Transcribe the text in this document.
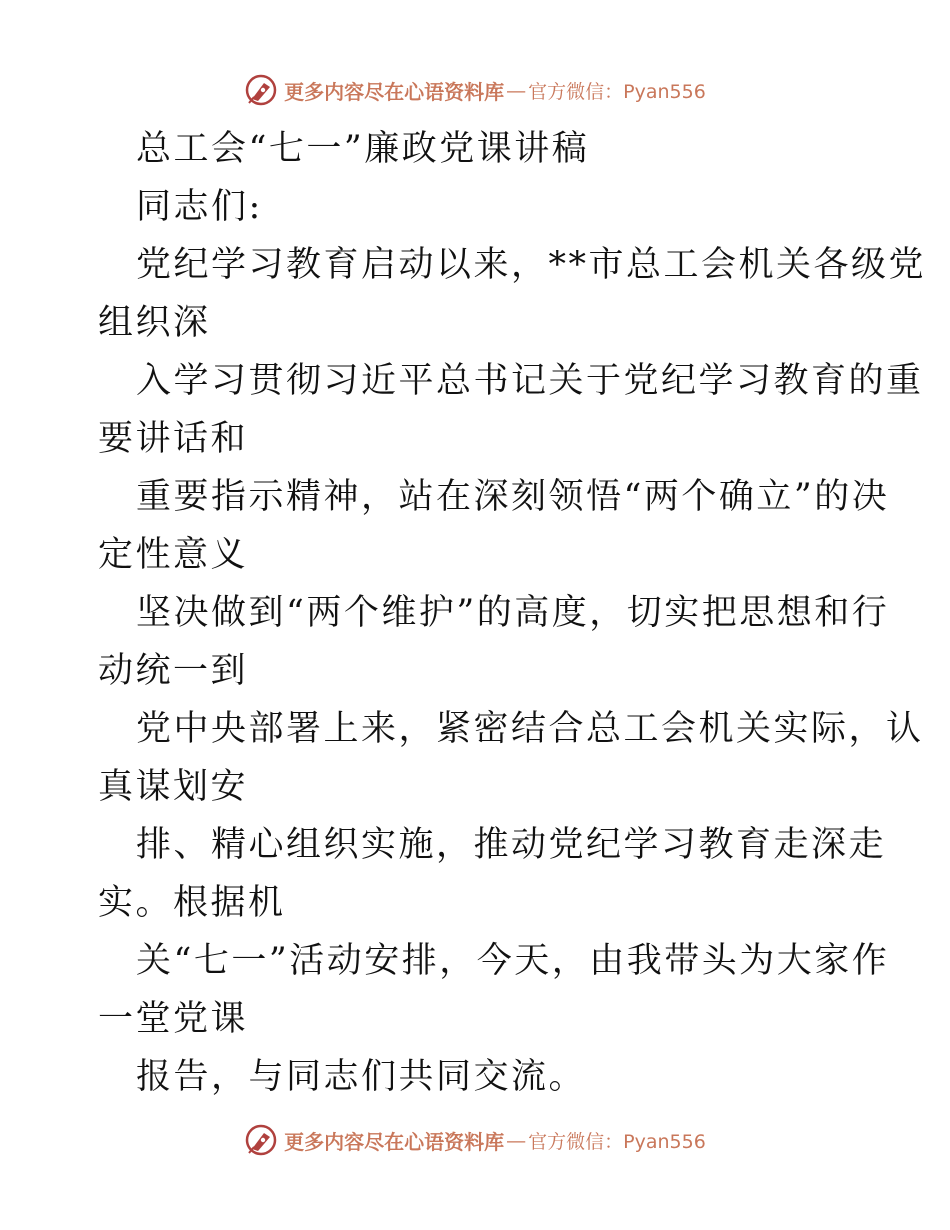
更多内容尽在心语资料库 — 官方微信：Pyan556

总工会“七一”廉政党课讲稿

同志们:

党纪学习教育启动以来，**市总工会机关各级党

组织深

入学习贯彻习近平总书记关于党纪学习教育的重

要讲话和

重要指示精神，站在深刻领悟“两个确立”的决

定性意义

坚决做到“两个维护”的高度，切实把思想和行

动统一到

党中央部署上来，紧密结合总工会机关实际，认

真谋划安

排、精心组织实施，推动党纪学习教育走深走

实。根据机

关“七一”活动安排，今天，由我带头为大家作

一堂党课

报告，与同志们共同交流。

更多内容尽在心语资料库 — 官方微信：Pyan556
